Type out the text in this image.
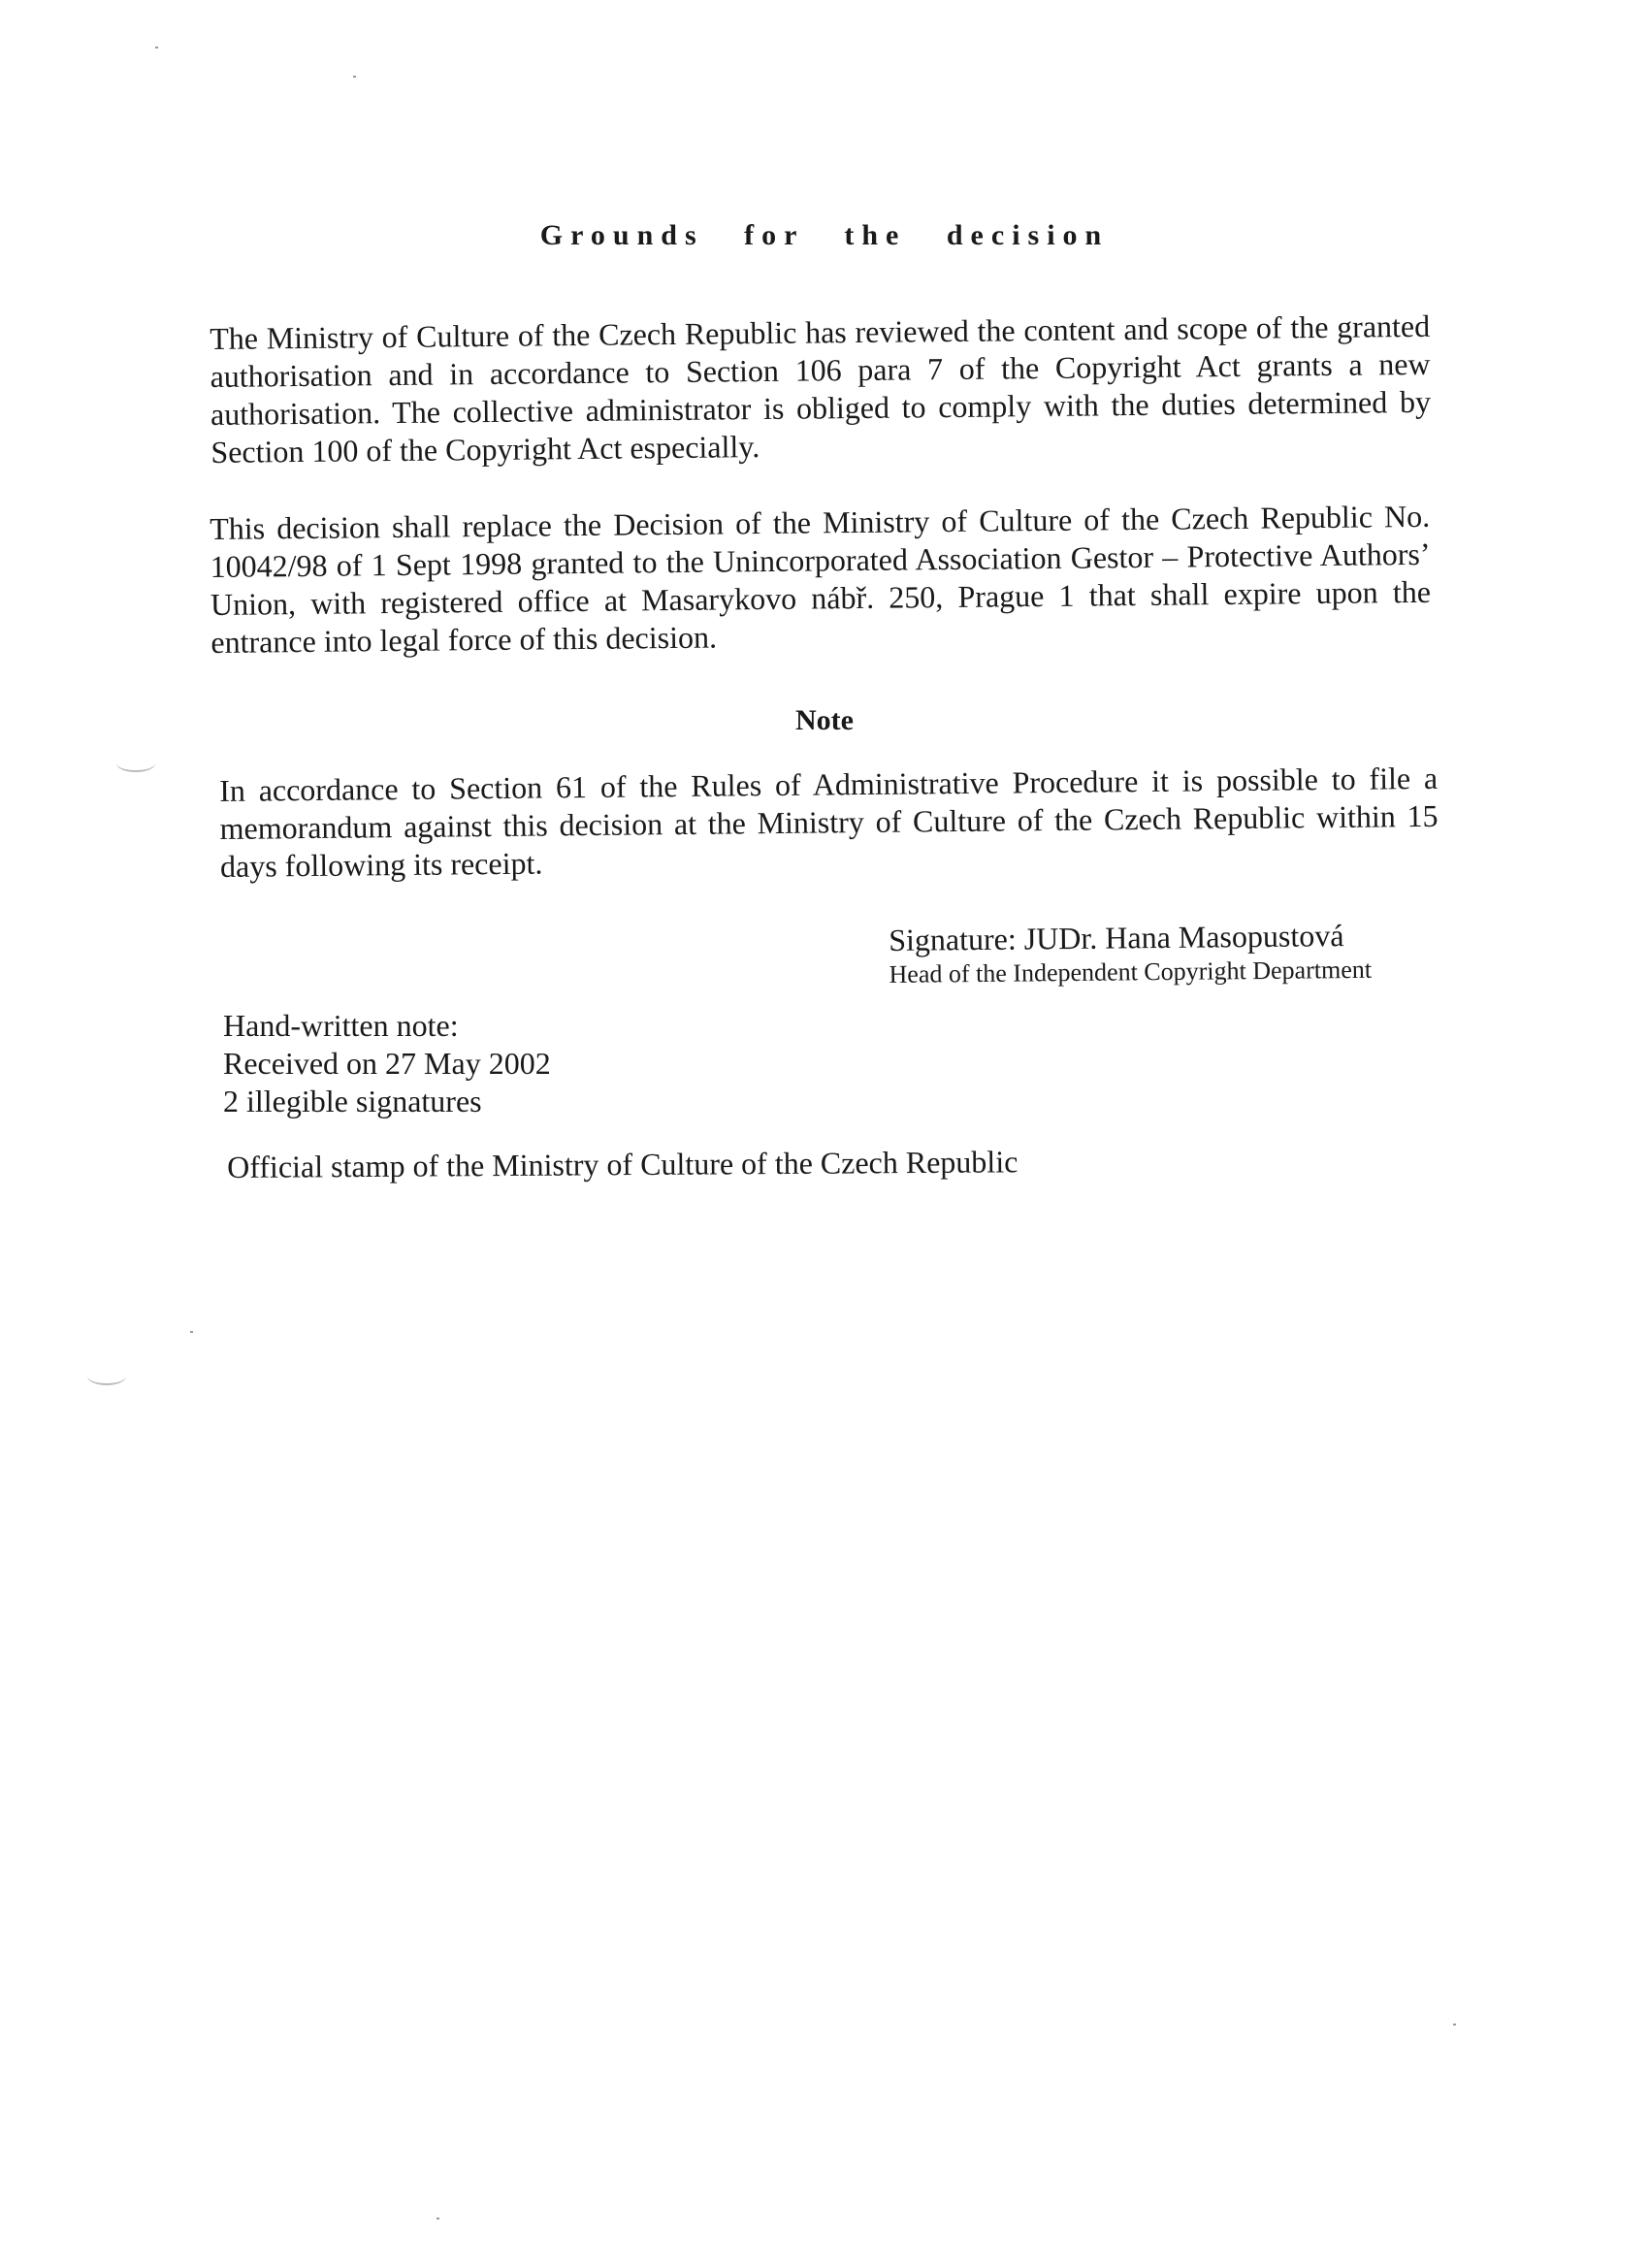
Grounds for the decision

The Ministry of Culture of the Czech Republic has reviewed the content and scope of the granted authorisation and in accordance to Section 106 para 7 of the Copyright Act grants a new authorisation. The collective administrator is obliged to comply with the duties determined by Section 100 of the Copyright Act especially.

This decision shall replace the Decision of the Ministry of Culture of the Czech Republic No. 10042/98 of 1 Sept 1998 granted to the Unincorporated Association Gestor – Protective Authors’ Union, with registered office at Masarykovo nábř. 250, Prague 1 that shall expire upon the entrance into legal force of this decision.

Note

In accordance to Section 61 of the Rules of Administrative Procedure it is possible to file a memorandum against this decision at the Ministry of Culture of the Czech Republic within 15 days following its receipt.

Signature: JUDr. Hana Masopustová

Head of the Independent Copyright Department

Hand-written note:
Received on 27 May 2002
2 illegible signatures

Official stamp of the Ministry of Culture of the Czech Republic
